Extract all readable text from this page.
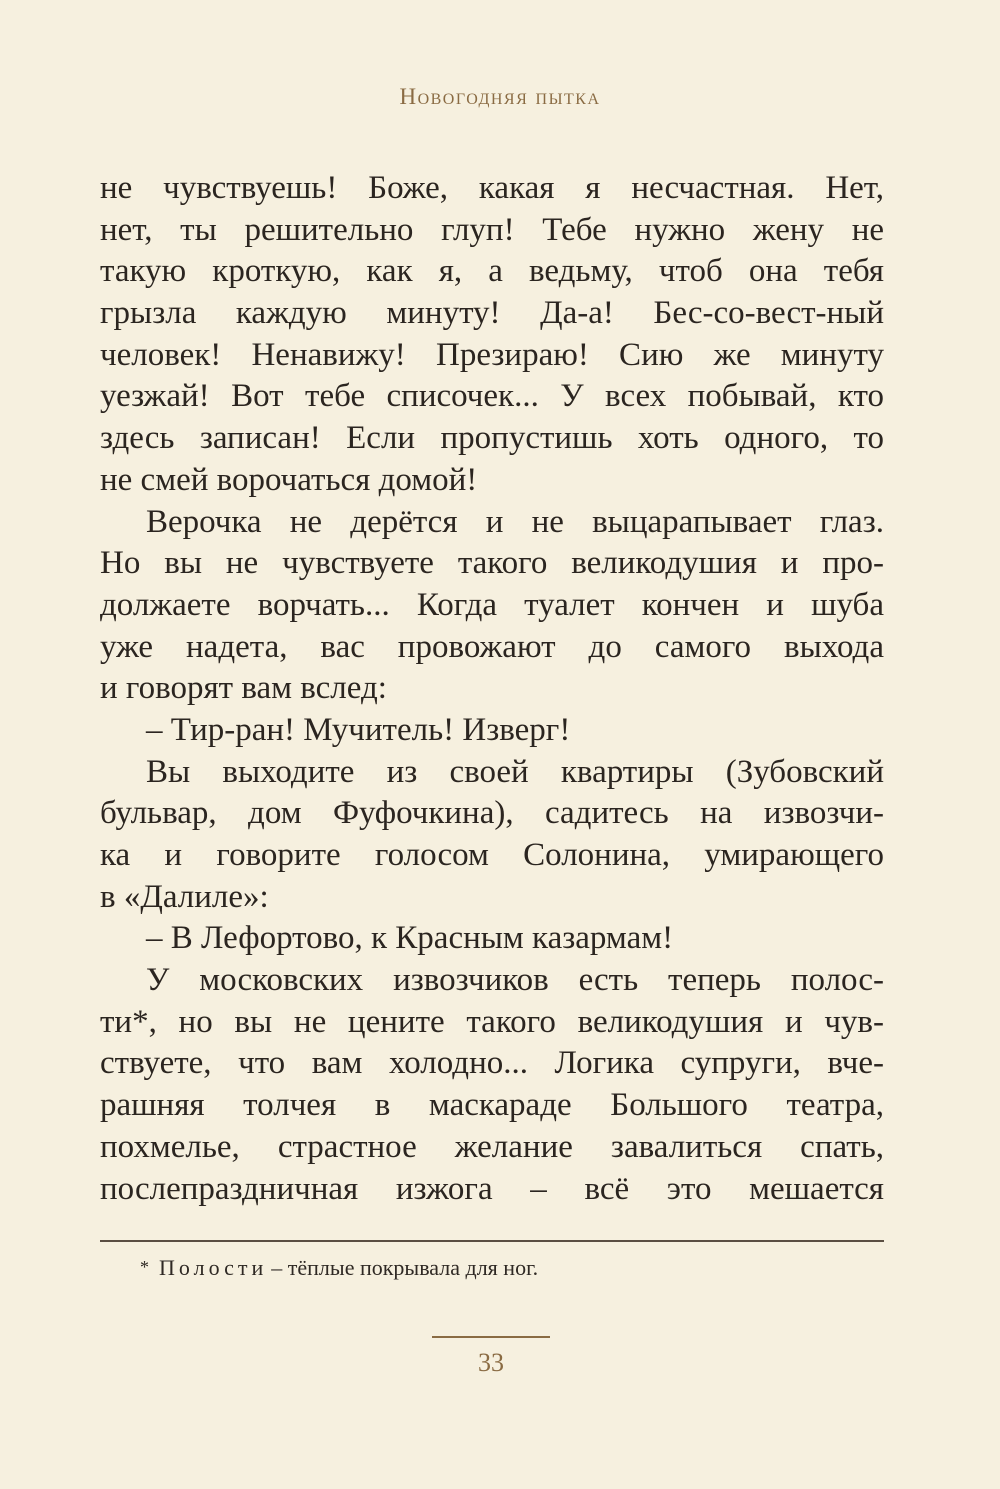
Новогодняя пытка
не чувствуешь! Боже, какая я несчастная. Нет,
нет, ты решительно глуп! Тебе нужно жену не
такую кроткую, как я, а ведьму, чтоб она тебя
грызла каждую минуту! Да-а! Бес-со-вест-ный
человек! Ненавижу! Презираю! Сию же минуту
уезжай! Вот тебе списочек... У всех побывай, кто
здесь записан! Если пропустишь хоть одного, то
не смей ворочаться домой!
Верочка не дерётся и не выцарапывает глаз.
Но вы не чувствуете такого великодушия и про-
должаете ворчать... Когда туалет кончен и шуба
уже надета, вас провожают до самого выхода
и говорят вам вслед:
– Тир-ран! Мучитель! Изверг!
Вы выходите из своей квартиры (Зубовский
бульвар, дом Фуфочкина), садитесь на извозчи-
ка и говорите голосом Солонина, умирающего
в «Далиле»:
– В Лефортово, к Красным казармам!
У московских извозчиков есть теперь полос-
ти*, но вы не цените такого великодушия и чув-
ствуете, что вам холодно... Логика супруги, вче-
рашняя толчея в маскараде Большого театра,
похмелье, страстное желание завалиться спать,
послепраздничная изжога – всё это мешается
* Полости – тёплые покрывала для ног.
33
